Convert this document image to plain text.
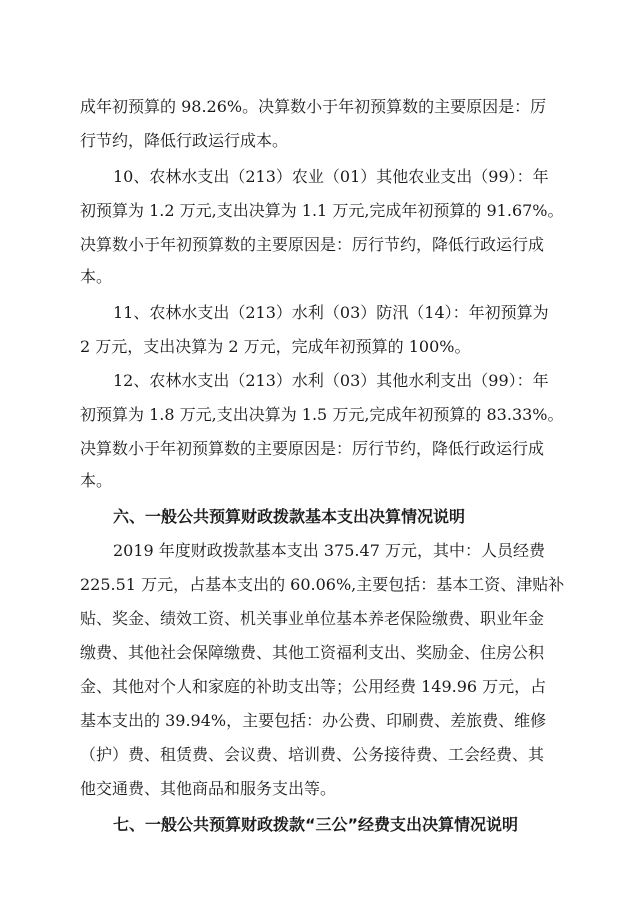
成年初预算的 98.26%。决算数小于年初预算数的主要原因是：厉
行节约，降低行政运行成本。
10、农林水支出（213）农业（01）其他农业支出（99）：年
初预算为 1.2 万元,支出决算为 1.1 万元,完成年初预算的 91.67%。
决算数小于年初预算数的主要原因是：厉行节约，降低行政运行成
本。
11、农林水支出（213）水利（03）防汛（14）：年初预算为
2 万元，支出决算为 2 万元，完成年初预算的 100%。
12、农林水支出（213）水利（03）其他水利支出（99）：年
初预算为 1.8 万元,支出决算为 1.5 万元,完成年初预算的 83.33%。
决算数小于年初预算数的主要原因是：厉行节约，降低行政运行成
本。
六、一般公共预算财政拨款基本支出决算情况说明
2019 年度财政拨款基本支出 375.47 万元，其中：人员经费
225.51 万元，占基本支出的 60.06%,主要包括：基本工资、津贴补
贴、奖金、绩效工资、机关事业单位基本养老保险缴费、职业年金
缴费、其他社会保障缴费、其他工资福利支出、奖励金、住房公积
金、其他对个人和家庭的补助支出等；公用经费 149.96 万元，占
基本支出的 39.94%，主要包括：办公费、印刷费、差旅费、维修
（护）费、租赁费、会议费、培训费、公务接待费、工会经费、其
他交通费、其他商品和服务支出等。
七、一般公共预算财政拨款“三公”经费支出决算情况说明
